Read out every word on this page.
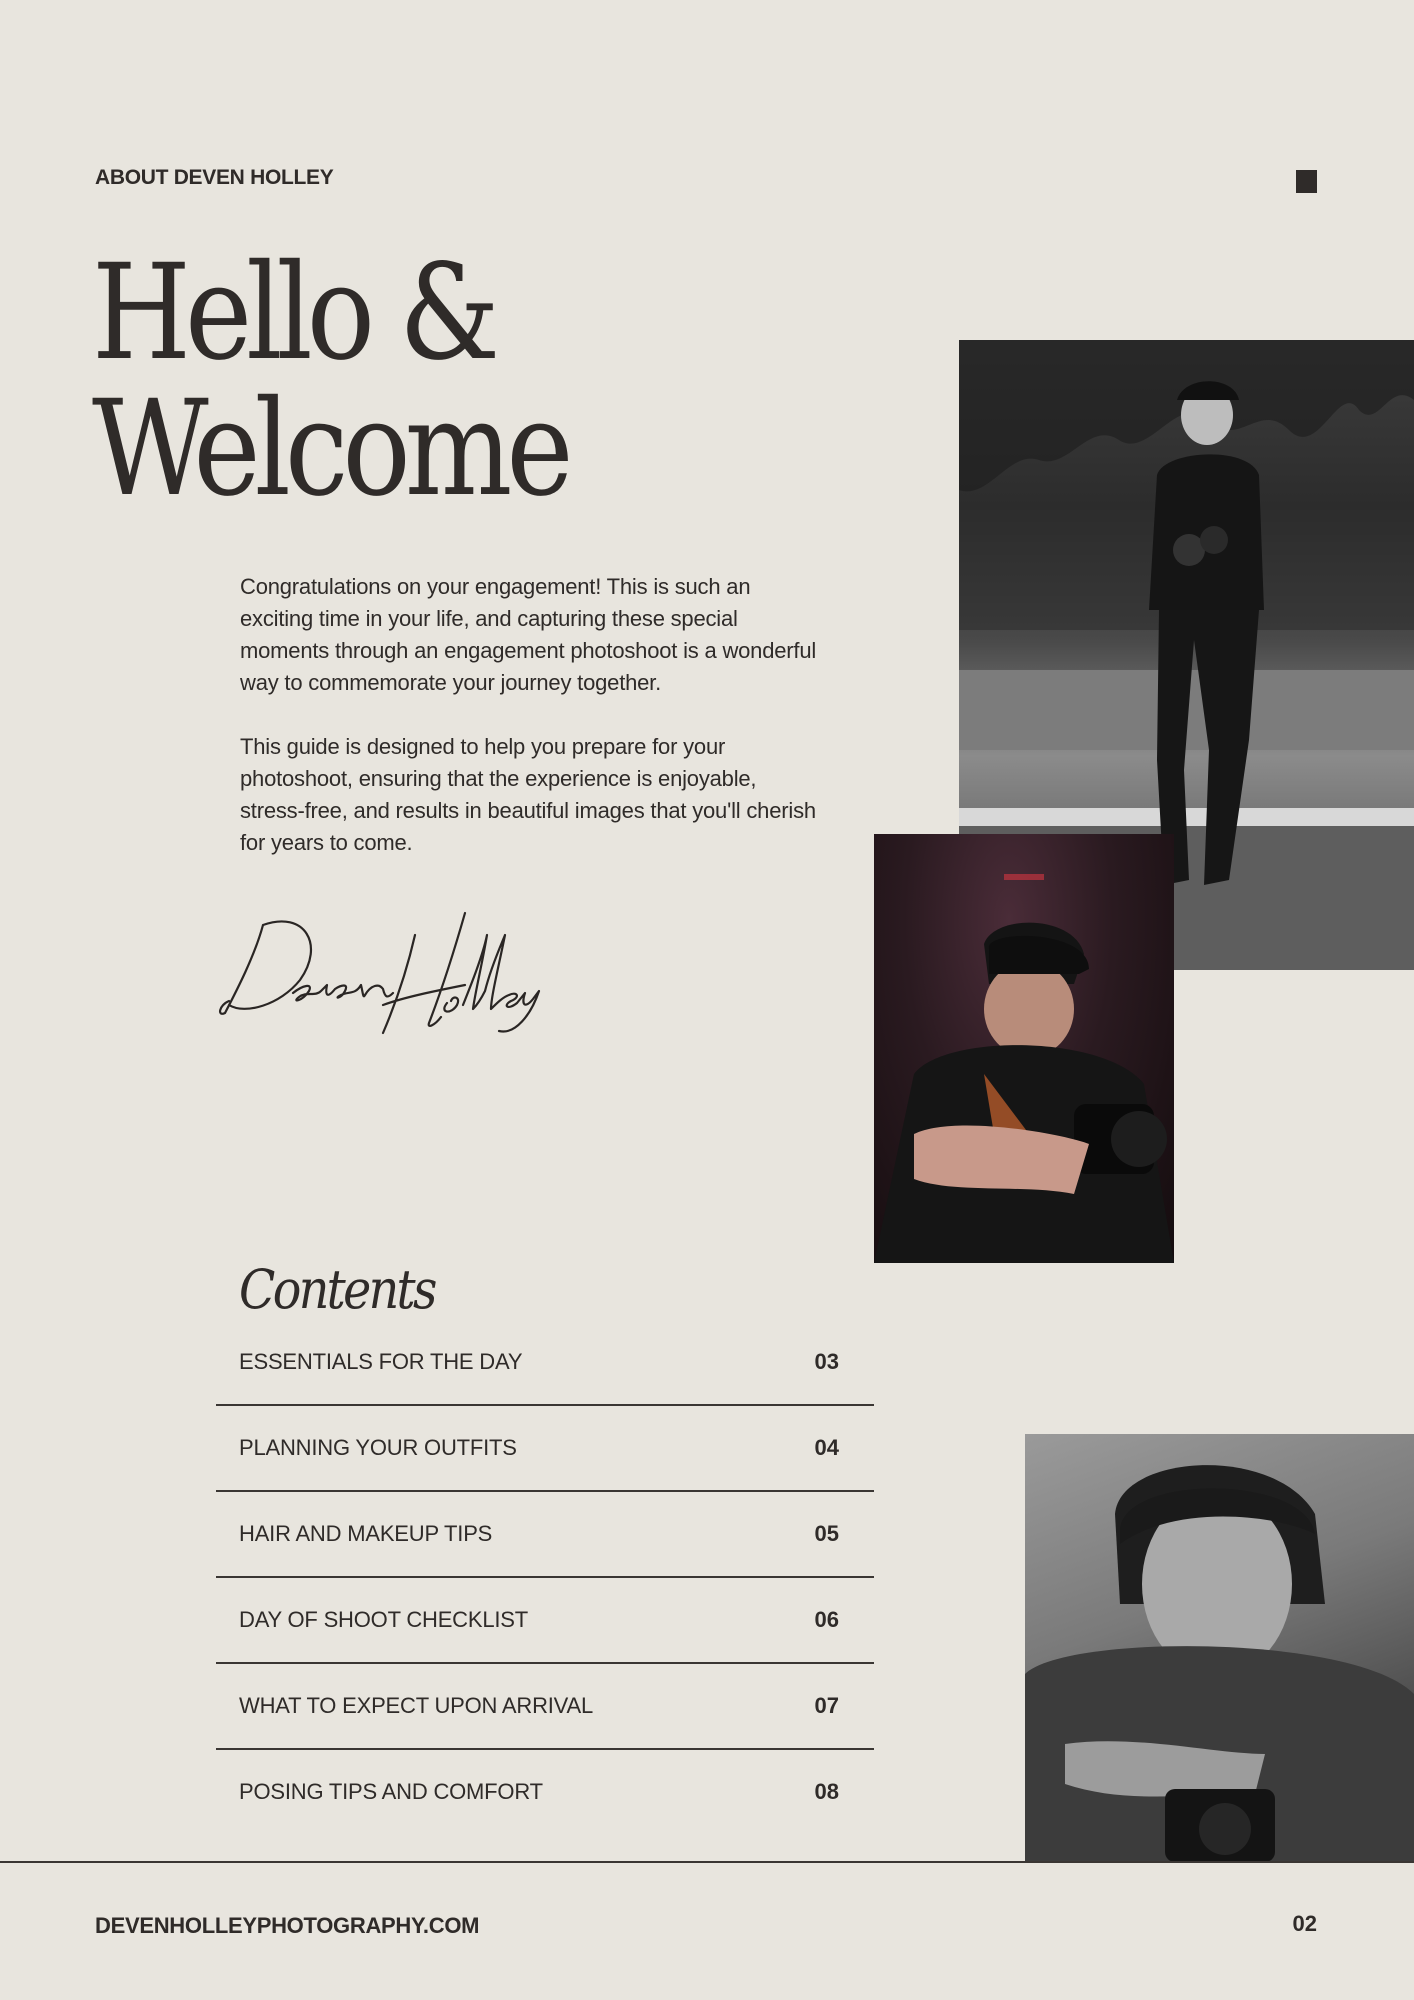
ABOUT DEVEN HOLLEY
Hello &
Welcome

Congratulations on your engagement! This is such an exciting time in your life, and capturing these special moments through an engagement photoshoot is a wonderful way to commemorate your journey together.

This guide is designed to help you prepare for your photoshoot, ensuring that the experience is enjoyable, stress-free, and results in beautiful images that you'll cherish for years to come.

Contents
ESSENTIALS FOR THE DAY	03
PLANNING YOUR OUTFITS	04
HAIR AND MAKEUP TIPS	05
DAY OF SHOOT CHECKLIST	06
WHAT TO EXPECT UPON ARRIVAL	07
POSING TIPS AND COMFORT	08
DEVENHOLLEYPHOTOGRAPHY.COM	02
